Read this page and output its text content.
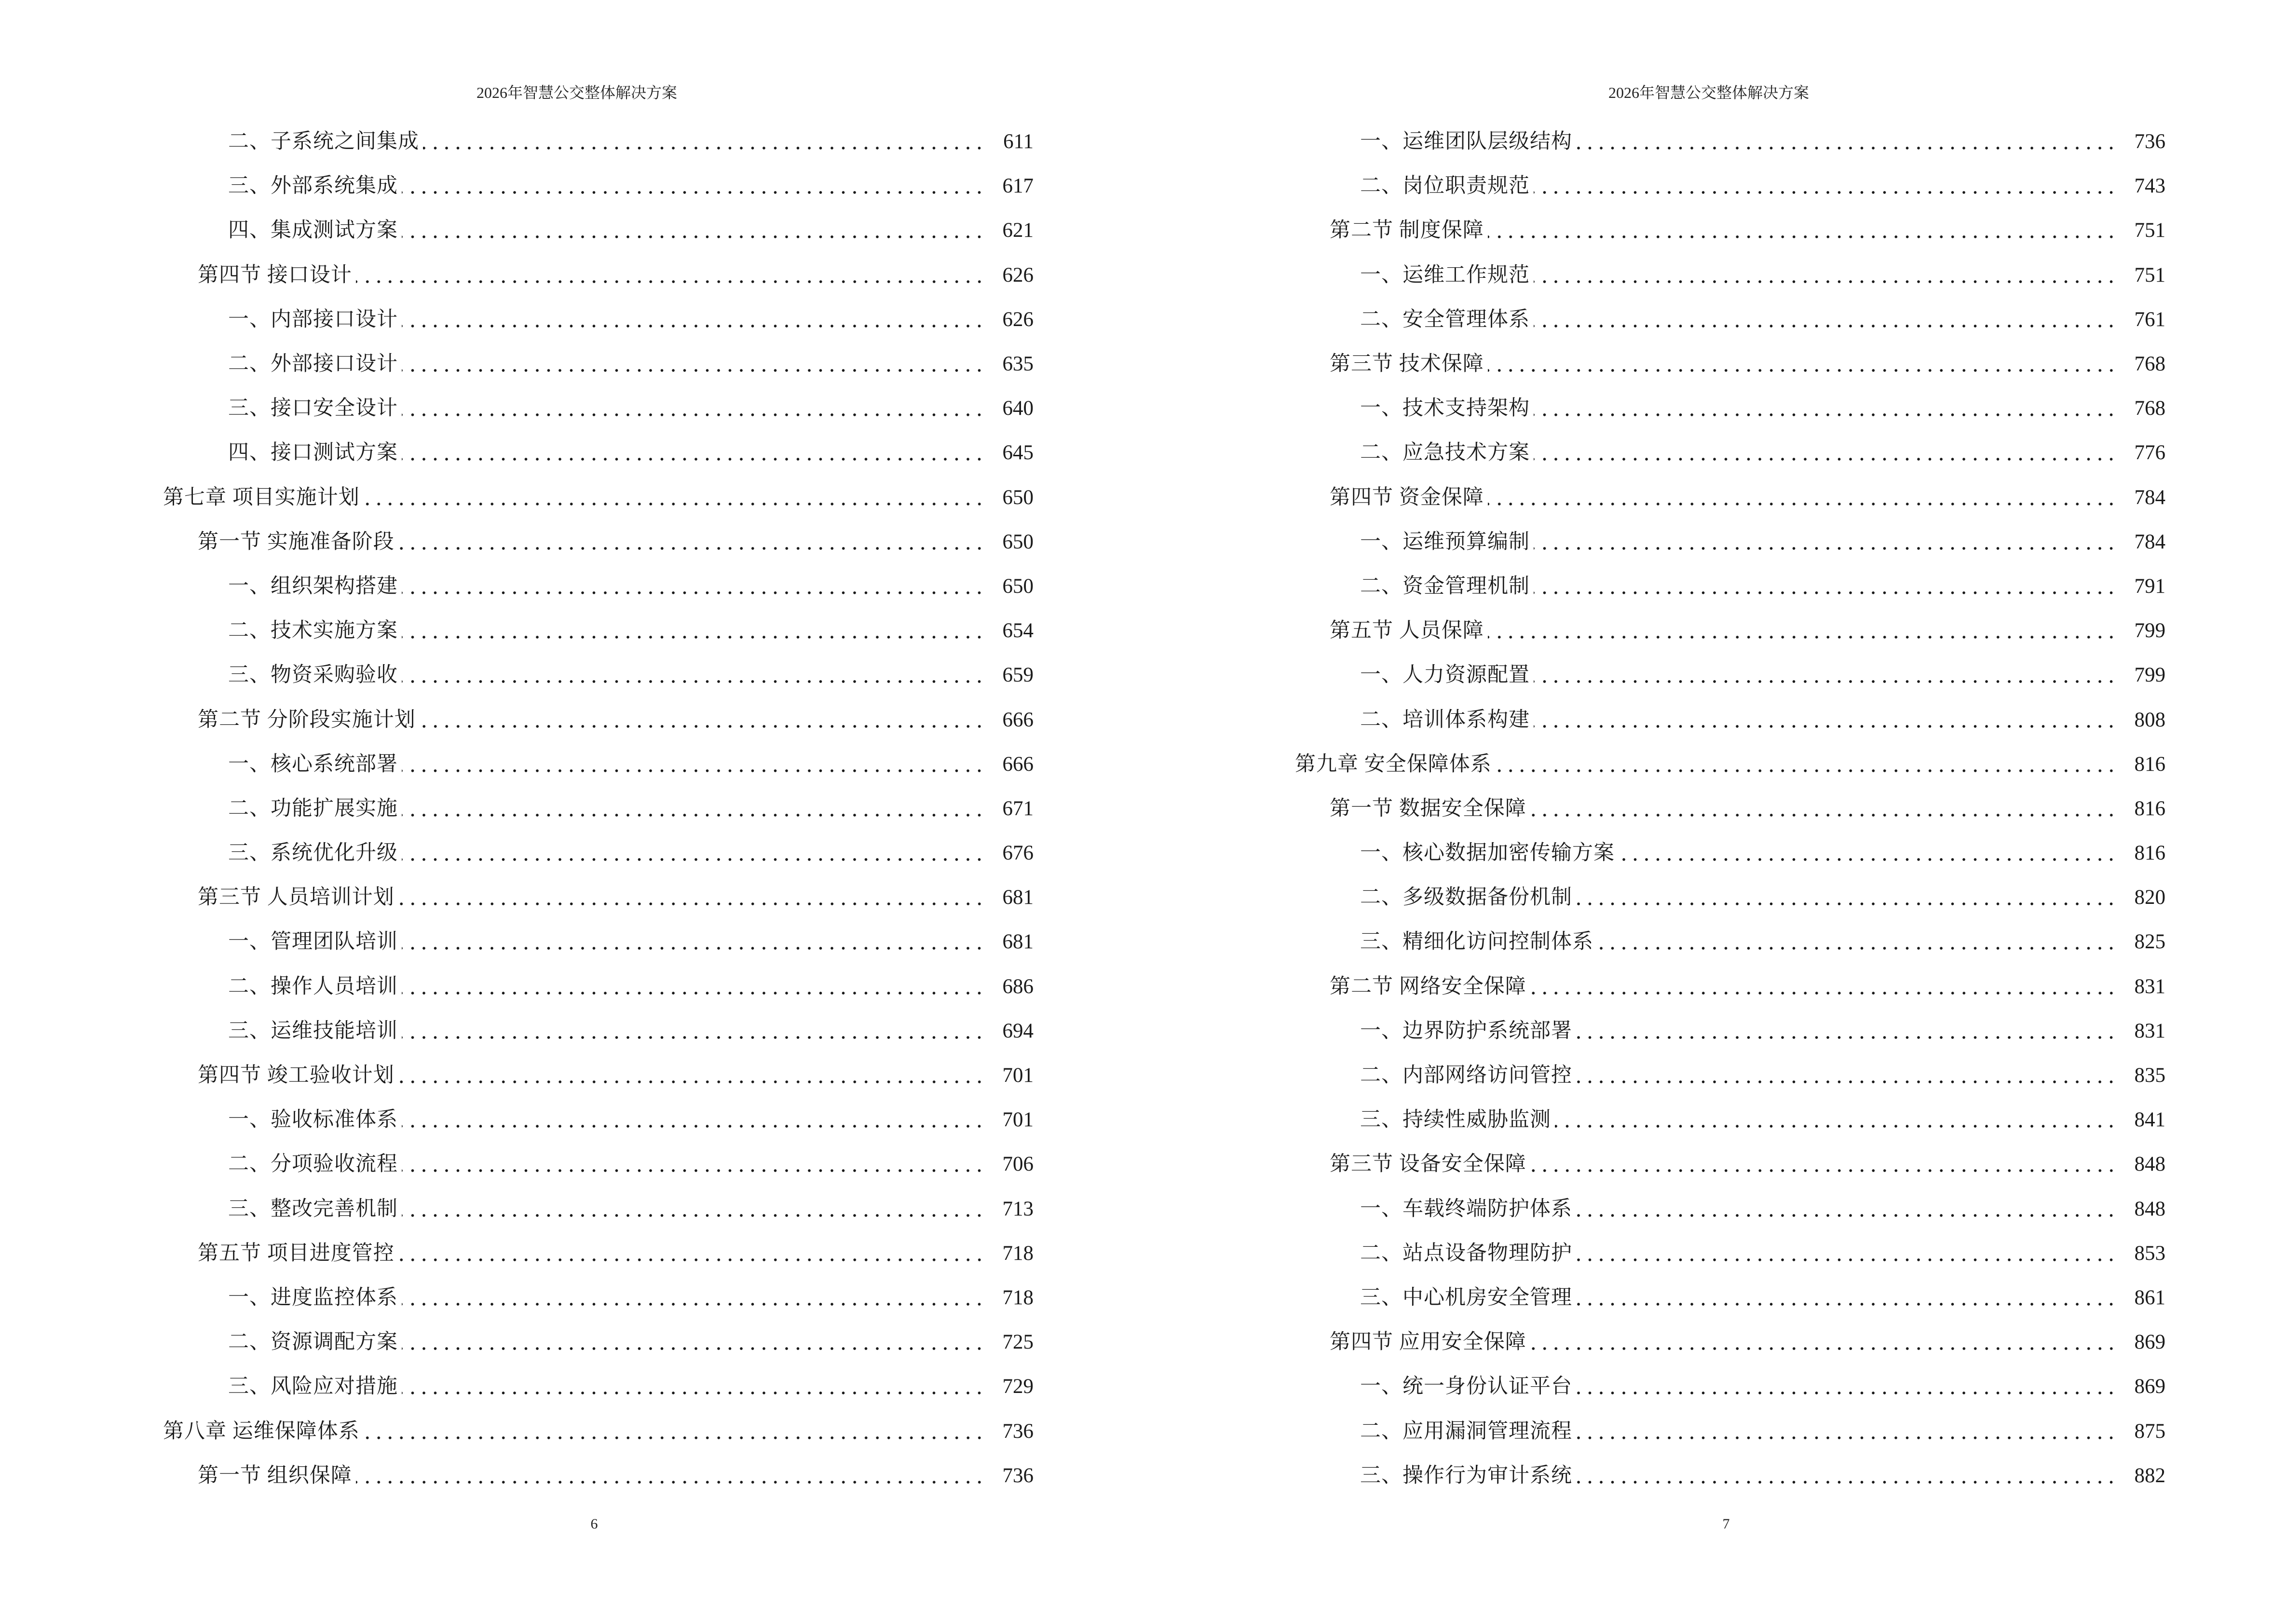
2026年智慧公交整体解决方案
二、子系统之间集成	611
三、外部系统集成	617
四、集成测试方案	621
第四节 接口设计	626
一、内部接口设计	626
二、外部接口设计	635
三、接口安全设计	640
四、接口测试方案	645
第七章 项目实施计划	650
第一节 实施准备阶段	650
一、组织架构搭建	650
二、技术实施方案	654
三、物资采购验收	659
第二节 分阶段实施计划	666
一、核心系统部署	666
二、功能扩展实施	671
三、系统优化升级	676
第三节 人员培训计划	681
一、管理团队培训	681
二、操作人员培训	686
三、运维技能培训	694
第四节 竣工验收计划	701
一、验收标准体系	701
二、分项验收流程	706
三、整改完善机制	713
第五节 项目进度管控	718
一、进度监控体系	718
二、资源调配方案	725
三、风险应对措施	729
第八章 运维保障体系	736
第一节 组织保障	736
6
2026年智慧公交整体解决方案
一、运维团队层级结构	736
二、岗位职责规范	743
第二节 制度保障	751
一、运维工作规范	751
二、安全管理体系	761
第三节 技术保障	768
一、技术支持架构	768
二、应急技术方案	776
第四节 资金保障	784
一、运维预算编制	784
二、资金管理机制	791
第五节 人员保障	799
一、人力资源配置	799
二、培训体系构建	808
第九章 安全保障体系	816
第一节 数据安全保障	816
一、核心数据加密传输方案	816
二、多级数据备份机制	820
三、精细化访问控制体系	825
第二节 网络安全保障	831
一、边界防护系统部署	831
二、内部网络访问管控	835
三、持续性威胁监测	841
第三节 设备安全保障	848
一、车载终端防护体系	848
二、站点设备物理防护	853
三、中心机房安全管理	861
第四节 应用安全保障	869
一、统一身份认证平台	869
二、应用漏洞管理流程	875
三、操作行为审计系统	882
7
